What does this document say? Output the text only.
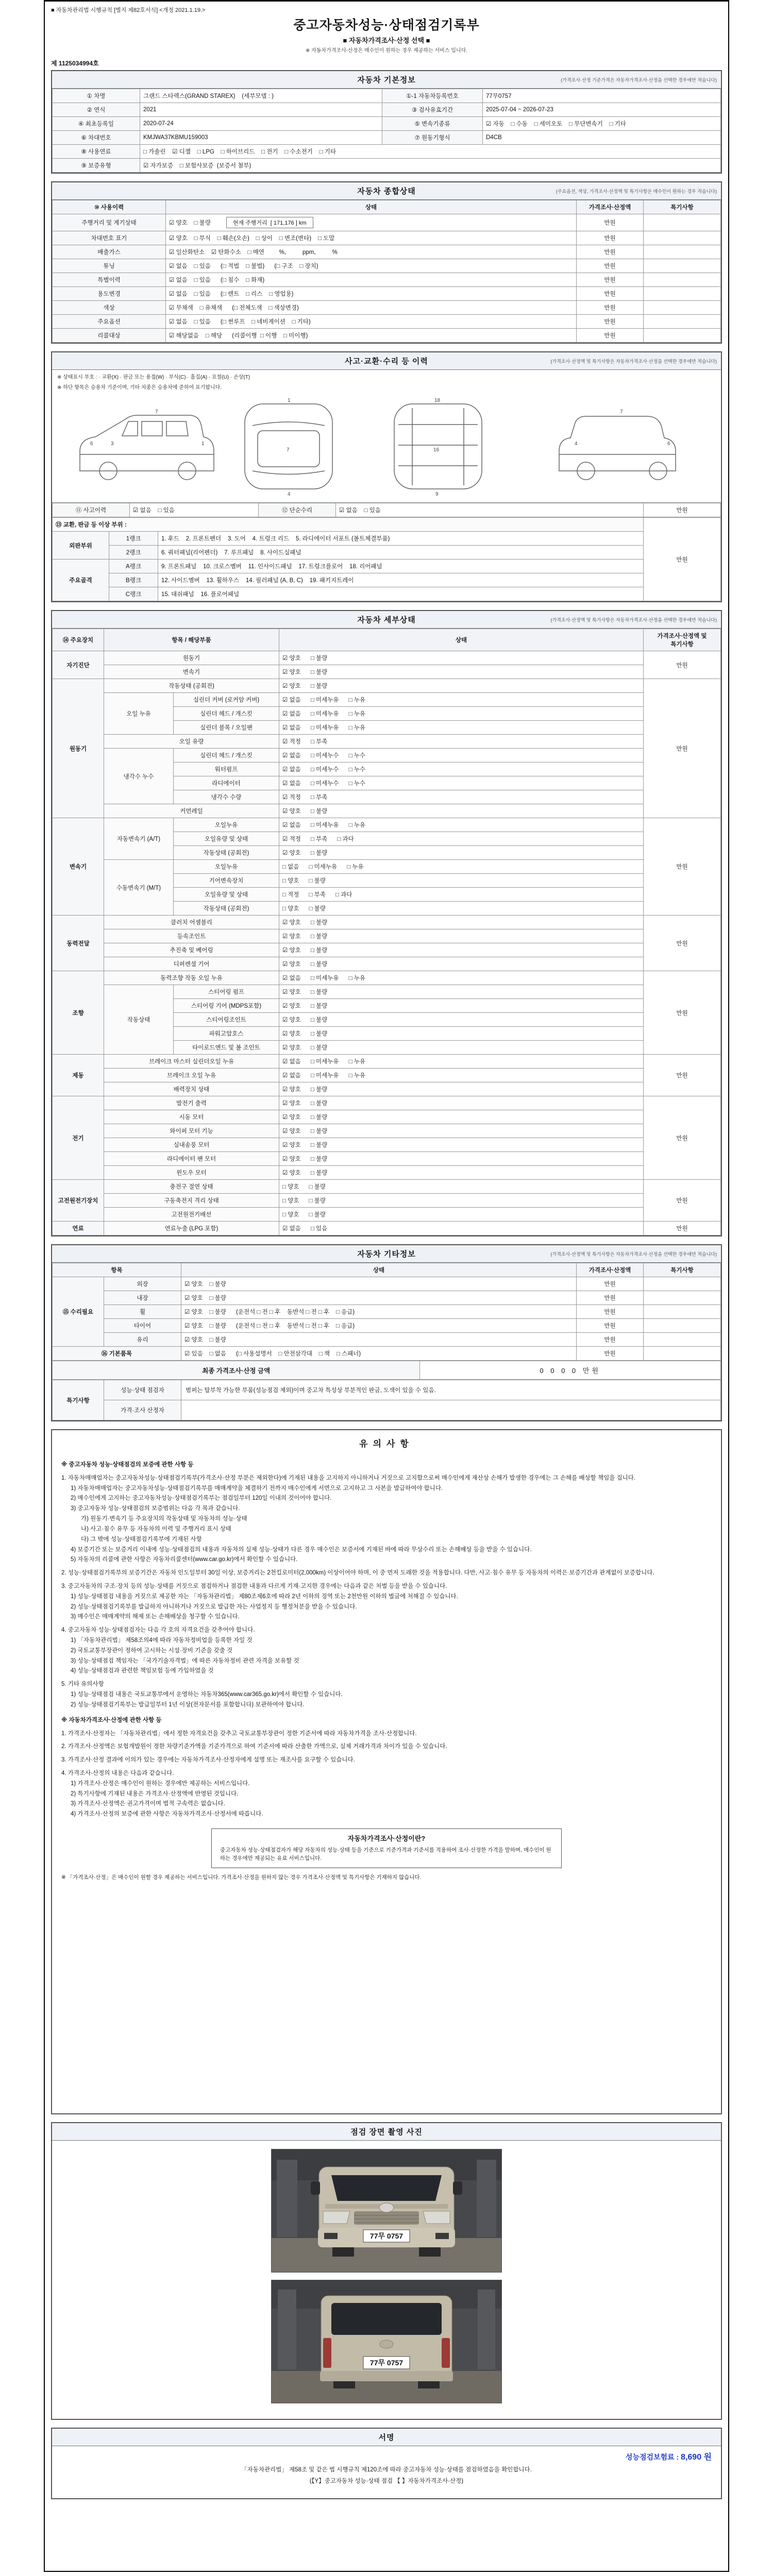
■ 자동차관리법 시행규칙 [별지 제82호서식] <개정 2021.1.19.>
중고자동차성능·상태점검기록부
■ 자동차가격조사·산정 선택 ■
※ 자동차가격조사·산정은 매수인이 원하는 경우 제공하는 서비스 입니다.
제 1125034994호
자동차 기본정보	(가격조사·산정 기준가격은 자동차가격조사·산정을 선택한 경우에만 적습니다)
① 차명	그랜드 스타렉스(GRAND STAREX)    (세부모델 : )	①-1 자동차등록번호	77무0757
② 연식	2021	③ 검사유효기간	2025-07-04 ~ 2026-07-23
④ 최초등록일	2020-07-24	⑤ 변속기종류	☑ 자동    □ 수동    □ 세미오토    □ 무단변속기    □ 기타
⑥ 차대번호	KMJWA37KBMU159003	⑦ 원동기형식	D4CB
⑧ 사용연료	□ 가솔린    ☑ 디젤    □ LPG    □ 하이브리드    □ 전기    □ 수소전기    □ 기타		
⑨ 보증유형	☑ 자가보증    □ 보험사보증  (보증서 첨부)		
자동차 종합상태	(주요옵션, 색상, 가격조사·산정액 및 특기사항은 매수인이 원하는 경우 적습니다)
⑩ 사용이력	상태	가격조사·산정액	특기사항
주행거리 및 계기상태	☑ 양호    □ 불량 현재 주행거리  [ 171,176 ] km	만원	
차대번호 표기	☑ 양호    □ 부식    □ 훼손(오손)    □ 상이    □ 변조(변타)    □ 도말	만원	
배출가스	☑ 일산화탄소    ☑ 탄화수소    □ 매연         %,          ppm,          %	만원	
튜닝	☑ 없음    □ 있음      (□ 적법    □ 불법)      (□ 구조    □ 장치)	만원	
특별이력	☑ 없음    □ 있음      (□ 침수    □ 화재)	만원	
용도변경	☑ 없음    □ 있음      (□ 렌트    □ 리스    □ 영업용)	만원	
색상	☑ 무채색    □ 유채색      (□ 전체도색    □ 색상변경)	만원	
주요옵션	☑ 없음    □ 있음      (□ 썬루프    □ 네비게이션    □ 기타)	만원	
리콜대상	☑ 해당없음    □ 해당      (리콜이행  □ 이행    □ 미이행)	만원	
사고·교환·수리 등 이력	(가격조사·산정액 및 특기사항은 자동차가격조사·산정을 선택한 경우에만 적습니다)
※ 상태표시 부호 : · 교환(X) · 판금 또는 용접(W) · 부식(C) · 흠집(A) · 요철(U) · 손상(T)
※ 하단 항목은 승용차 기준이며, 기타 차종은 승용차에 준하여 표기합니다.
7
3	1
6
1
7
4
18
16
9
7
6
4
⑪ 사고이력	☑ 없음    □ 있음	⑫ 단순수리	☑ 없음    □ 있음	만원
⑬ 교환, 판금 등 이상 부위 :			만원
외판부위	1랭크	1. 후드    2. 프론트펜더    3. 도어    4. 트렁크 리드    5. 라디에이터 서포트 (볼트체결부품)	
	2랭크	6. 쿼터패널(리어펜더)    7. 루프패널    8. 사이드실패널	
주요골격	A랭크	9. 프론트패널    10. 크로스멤버    11. 인사이드패널    17. 트렁크플로어    18. 리어패널	
	B랭크	12. 사이드멤버    13. 휠하우스    14. 필러패널 (A, B, C)    19. 패키지트레이	
	C랭크	15. 대쉬패널    16. 플로어패널	
자동차 세부상태	(가격조사·산정액 및 특기사항은 자동차가격조사·산정을 선택한 경우에만 적습니다)
⑭ 주요장치	항목 / 해당부품		상태	가격조사·산정액 및 특기사항
자기진단	원동기		☑ 양호      □ 불량	만원
	변속기		☑ 양호      □ 불량	
원동기	작동상태 (공회전)		☑ 양호      □ 불량	만원
	오일 누유	실린더 커버 (로커암 커버)	☑ 없음      □ 미세누유      □ 누유	
		실린더 헤드 / 개스킷	☑ 없음      □ 미세누유      □ 누유	
		실린더 블록 / 오일팬	☑ 없음      □ 미세누유      □ 누유	
	오일 유량		☑ 적정      □ 부족	
	냉각수 누수	실린더 헤드 / 개스킷	☑ 없음      □ 미세누수      □ 누수	
		워터펌프	☑ 없음      □ 미세누수      □ 누수	
		라디에이터	☑ 없음      □ 미세누수      □ 누수	
		냉각수 수량	☑ 적정      □ 부족	
	커먼레일		☑ 양호      □ 불량	
변속기	자동변속기 (A/T)	오일누유	☑ 없음      □ 미세누유      □ 누유	만원
		오일유량 및 상태	☑ 적정      □ 부족      □ 과다	
		작동상태 (공회전)	☑ 양호      □ 불량	
	수동변속기 (M/T)	오일누유	□ 없음      □ 미세누유      □ 누유	
		기어변속장치	□ 양호      □ 불량	
		오일유량 및 상태	□ 적정      □ 부족      □ 과다	
		작동상태 (공회전)	□ 양호      □ 불량	
동력전달	클러치 어셈블리		☑ 양호      □ 불량	만원
	등속조인트		☑ 양호      □ 불량	
	추진축 및 베어링		☑ 양호      □ 불량	
	디퍼렌셜 기어		☑ 양호      □ 불량	
조향	동력조향 작동 오일 누유		☑ 없음      □ 미세누유      □ 누유	만원
	작동상태	스티어링 펌프	☑ 양호      □ 불량	
		스티어링 기어 (MDPS포함)	☑ 양호      □ 불량	
		스티어링조인트	☑ 양호      □ 불량	
		파워고압호스	☑ 양호      □ 불량	
		타이로드엔드 및 볼 조인트	☑ 양호      □ 불량	
제동	브레이크 마스터 실린더오일 누유		☑ 없음      □ 미세누유      □ 누유	만원
	브레이크 오일 누유		☑ 없음      □ 미세누유      □ 누유	
	배력장치 상태		☑ 양호      □ 불량	
전기	발전기 출력		☑ 양호      □ 불량	만원
	시동 모터		☑ 양호      □ 불량	
	와이퍼 모터 기능		☑ 양호      □ 불량	
	실내송풍 모터		☑ 양호      □ 불량	
	라디에이터 팬 모터		☑ 양호      □ 불량	
	윈도우 모터		☑ 양호      □ 불량	
고전원전기장치	충전구 절연 상태		□ 양호      □ 불량	만원
	구동축전지 격리 상태		□ 양호      □ 불량	
	고전원전기배선		□ 양호      □ 불량	
연료	연료누출 (LPG 포함)		☑ 없음      □ 있음	만원
자동차 기타정보	(가격조사·산정액 및 특기사항은 자동차가격조사·산정을 선택한 경우에만 적습니다)
항목		상태	가격조사·산정액	특기사항
⑮ 수리필요	외장	☑ 양호    □ 불량	만원	
	내장	☑ 양호    □ 불량	만원	
	휠	☑ 양호    □ 불량      (운전석 □ 전 □ 후    동반석 □ 전 □ 후    □ 응급)	만원	
	타이어	☑ 양호    □ 불량      (운전석 □ 전 □ 후    동반석 □ 전 □ 후    □ 응급)	만원	
	유리	☑ 양호    □ 불량	만원	
⑯ 기본품목		☑ 있음    □ 없음      (□ 사용설명서    □ 안전삼각대    □ 잭    □ 스패너)	만원	
최종 가격조사·산정 금액	0 0 0 0 만원
특기사항	성능·상태 점검자	범퍼는 탈부착 가능한 부품(성능점검 제외)이며 중고차 특성상 부분적인 판금, 도색이 있을 수 있음.
	가격·조사 산정자	
유의사항

※ 중고자동차 성능·상태점검의 보증에 관한 사항 등

1. 자동차매매업자는 중고자동차성능·상태점검기록부(가격조사·산정 부분은 제외한다)에 기재된 내용을 고지하지 아니하거나 거짓으로 고지함으로써 매수인에게 재산상 손해가 발생한 경우에는 그 손해를 배상할 책임을 집니다.

1) 자동차매매업자는 중고자동차성능·상태점검기록부를 매매계약을 체결하기 전까지 매수인에게 서면으로 고지하고 그 사본을 발급하여야 합니다.

2) 매수인에게 고지하는 중고자동차성능·상태점검기록부는 점검일부터 120일 이내의 것이어야 합니다.

3) 중고자동차 성능·상태점검의 보증범위는 다음 각 목과 같습니다.

가) 원동기·변속기 등 주요장치의 작동상태 및 자동차의 성능·상태

나) 사고·침수 유무 등 자동차의 이력 및 주행거리 표시 상태

다) 그 밖에 성능·상태점검기록부에 기재된 사항

4) 보증기간 또는 보증거리 이내에 성능·상태점검의 내용과 자동차의 실제 성능·상태가 다른 경우 매수인은 보증서에 기재된 바에 따라 무상수리 또는 손해배상 등을 받을 수 있습니다.

5) 자동차의 리콜에 관한 사항은 자동차리콜센터(www.car.go.kr)에서 확인할 수 있습니다.

2. 성능·상태점검기록부의 보증기간은 자동차 인도일부터 30일 이상, 보증거리는 2천킬로미터(2,000km) 이상이어야 하며, 이 중 먼저 도래한 것을 적용합니다. 다만, 사고·침수 유무 등 자동차의 이력은 보증기간과 관계없이 보증합니다.

3. 중고자동차의 구조·장치 등의 성능·상태를 거짓으로 점검하거나 점검한 내용과 다르게 기재·고지한 경우에는 다음과 같은 처벌 등을 받을 수 있습니다.

1) 성능·상태점검 내용을 거짓으로 제공한 자는 「자동차관리법」 제80조제6호에 따라 2년 이하의 징역 또는 2천만원 이하의 벌금에 처해질 수 있습니다.

2) 성능·상태점검기록부를 발급하지 아니하거나 거짓으로 발급한 자는 사업정지 등 행정처분을 받을 수 있습니다.

3) 매수인은 매매계약의 해제 또는 손해배상을 청구할 수 있습니다.

4. 중고자동차 성능·상태점검자는 다음 각 호의 자격요건을 갖추어야 합니다.

1) 「자동차관리법」 제58조의4에 따라 자동차정비업을 등록한 자일 것

2) 국토교통부장관이 정하여 고시하는 시설·장비 기준을 갖출 것

3) 성능·상태점검 책임자는 「국가기술자격법」에 따른 자동차정비 관련 자격을 보유할 것

4) 성능·상태점검과 관련한 책임보험 등에 가입하였을 것

5. 기타 유의사항

1) 성능·상태점검 내용은 국토교통부에서 운영하는 자동차365(www.car365.go.kr)에서 확인할 수 있습니다.

2) 성능·상태점검기록부는 발급일부터 1년 이상(전자문서를 포함합니다) 보관하여야 합니다.

※ 자동차가격조사·산정에 관한 사항 등

1. 가격조사·산정자는 「자동차관리법」에서 정한 자격요건을 갖추고 국토교통부장관이 정한 기준서에 따라 자동차가격을 조사·산정합니다.

2. 가격조사·산정액은 보험개발원이 정한 차량기준가액을 기준가격으로 하여 기준서에 따라 산출한 가액으로, 실제 거래가격과 차이가 있을 수 있습니다.

3. 가격조사·산정 결과에 이의가 있는 경우에는 자동차가격조사·산정자에게 설명 또는 재조사를 요구할 수 있습니다.

4. 가격조사·산정의 내용은 다음과 같습니다.

1) 가격조사·산정은 매수인이 원하는 경우에만 제공하는 서비스입니다.

2) 특기사항에 기재된 내용은 가격조사·산정액에 반영된 것입니다.

3) 가격조사·산정액은 권고가격이며 법적 구속력은 없습니다.

4) 가격조사·산정의 보증에 관한 사항은 자동차가격조사·산정서에 따릅니다.

자동차가격조사·산정이란?
중고자동차 성능·상태점검자가 해당 자동차의 성능·상태 등을 기준으로 기준가격과 기준서를 적용하여 조사·산정한 가격을 말하며, 매수인이 원하는 경우에만 제공되는 유료 서비스입니다.

※ 「가격조사·산정」은 매수인이 원할 경우 제공하는 서비스입니다. 가격조사·산정을 원하지 않는 경우 가격조사·산정액 및 특기사항은 기재하지 않습니다.

점검 장면 촬영 사진
77무 0757
77무 0757
서명
성능점검보험료 : 8,690 원
「자동차관리법」 제58조 및 같은 법 시행규칙 제120조에 따라 중고자동차 성능·상태를 점검하였음을 확인합니다.
(【Y】중고자동차 성능·상태 점검 【 】자동차가격조사·산정)
